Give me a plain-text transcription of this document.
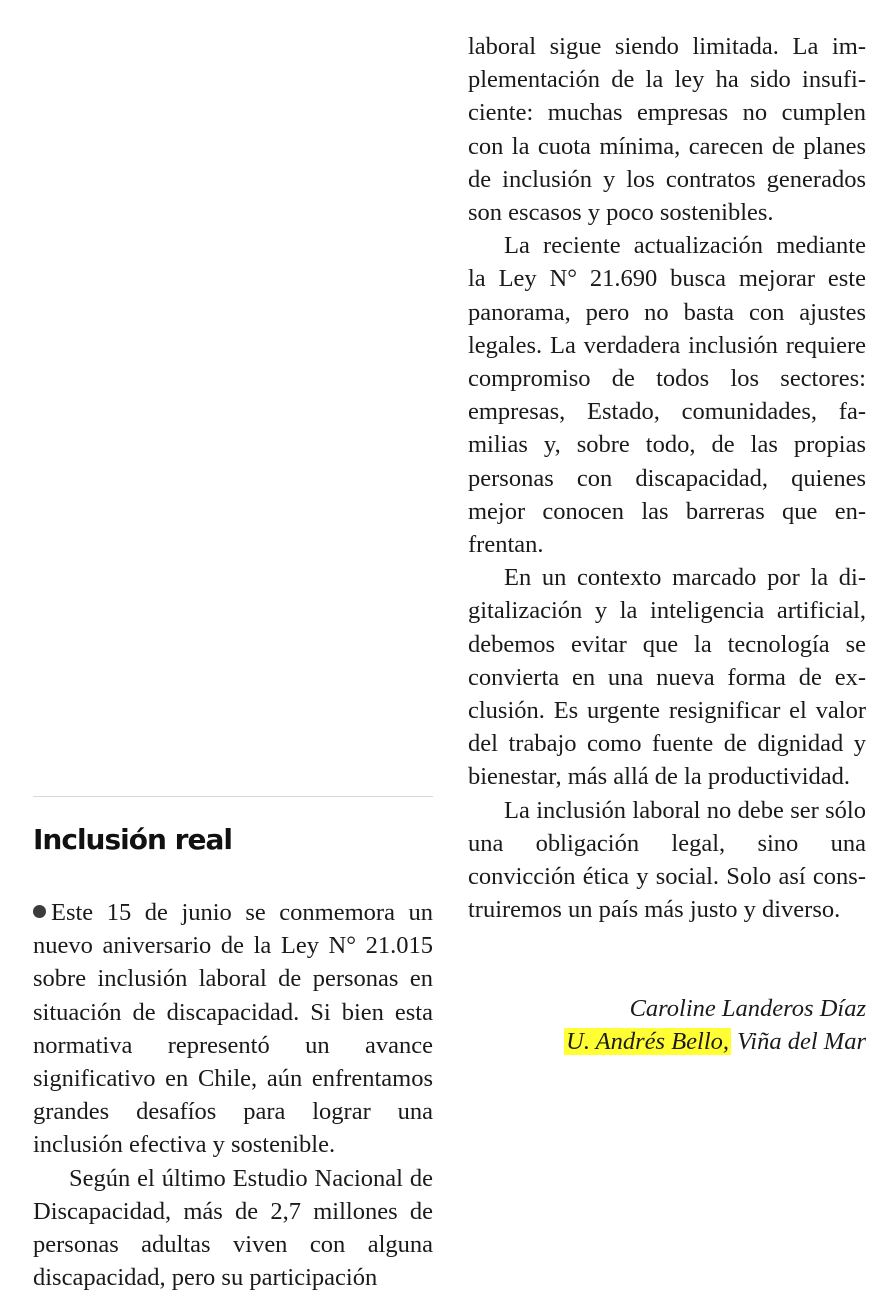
Inclusión real

Este 15 de junio se conmemora un nuevo aniversario de la Ley N° 21.015 sobre inclusión laboral de personas en situación de discapacidad. Si bien esta normativa representó un avance significativo en Chile, aún enfrentamos grandes desafíos para lograr una inclusión efectiva y sostenible.

Según el último Estudio Nacional de Discapacidad, más de 2,7 millones de personas adultas viven con alguna discapacidad, pero su participación

laboral sigue siendo limitada. La implementación de la ley ha sido insuficiente: muchas empresas no cumplen con la cuota mínima, carecen de planes de inclusión y los contratos generados son escasos y poco sostenibles.

La reciente actualización mediante la Ley N° 21.690 busca mejorar este panorama, pero no basta con ajustes legales. La verdadera inclusión requiere compromiso de todos los sectores: empresas, Estado, comunidades, familias y, sobre todo, de las propias personas con discapacidad, quienes mejor conocen las barreras que enfrentan.

En un contexto marcado por la digitalización y la inteligencia artificial, debemos evitar que la tecnología se convierta en una nueva forma de exclusión. Es urgente resignificar el valor del trabajo como fuente de dignidad y bienestar, más allá de la productividad.

La inclusión laboral no debe ser sólo una obligación legal, sino una convicción ética y social. Solo así construiremos un país más justo y diverso.

Caroline Landeros Díaz
U. Andrés Bello, Viña del Mar
